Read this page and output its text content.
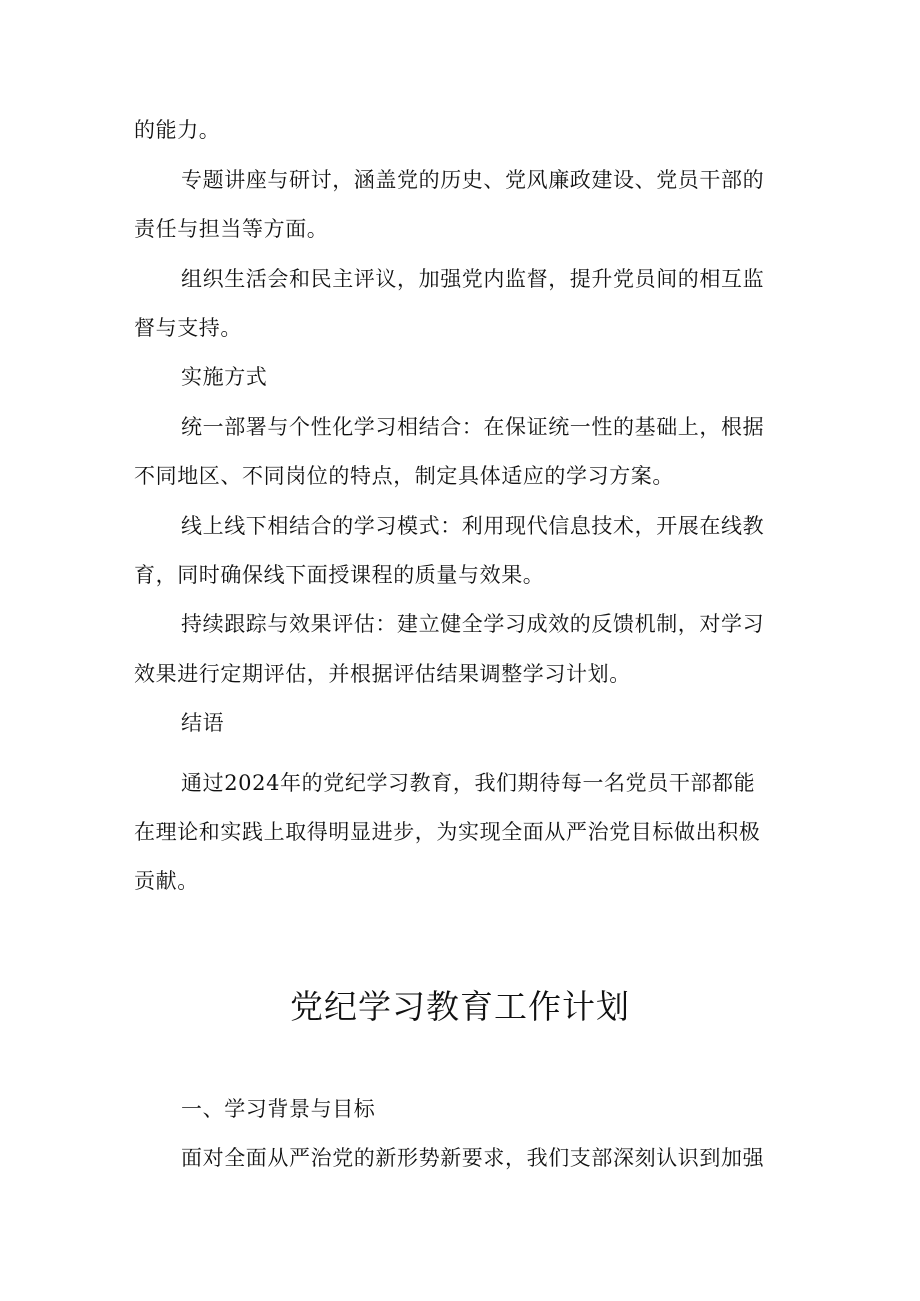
的能力。
专题讲座与研讨，涵盖党的历史、党风廉政建设、党员干部的
责任与担当等方面。
组织生活会和民主评议，加强党内监督，提升党员间的相互监
督与支持。
实施方式
统一部署与个性化学习相结合：在保证统一性的基础上，根据
不同地区、不同岗位的特点，制定具体适应的学习方案。
线上线下相结合的学习模式：利用现代信息技术，开展在线教
育，同时确保线下面授课程的质量与效果。
持续跟踪与效果评估：建立健全学习成效的反馈机制，对学习
效果进行定期评估，并根据评估结果调整学习计划。
结语
通过2024年的党纪学习教育，我们期待每一名党员干部都能
在理论和实践上取得明显进步，为实现全面从严治党目标做出积极
贡献。
党纪学习教育工作计划
一、学习背景与目标
面对全面从严治党的新形势新要求，我们支部深刻认识到加强
